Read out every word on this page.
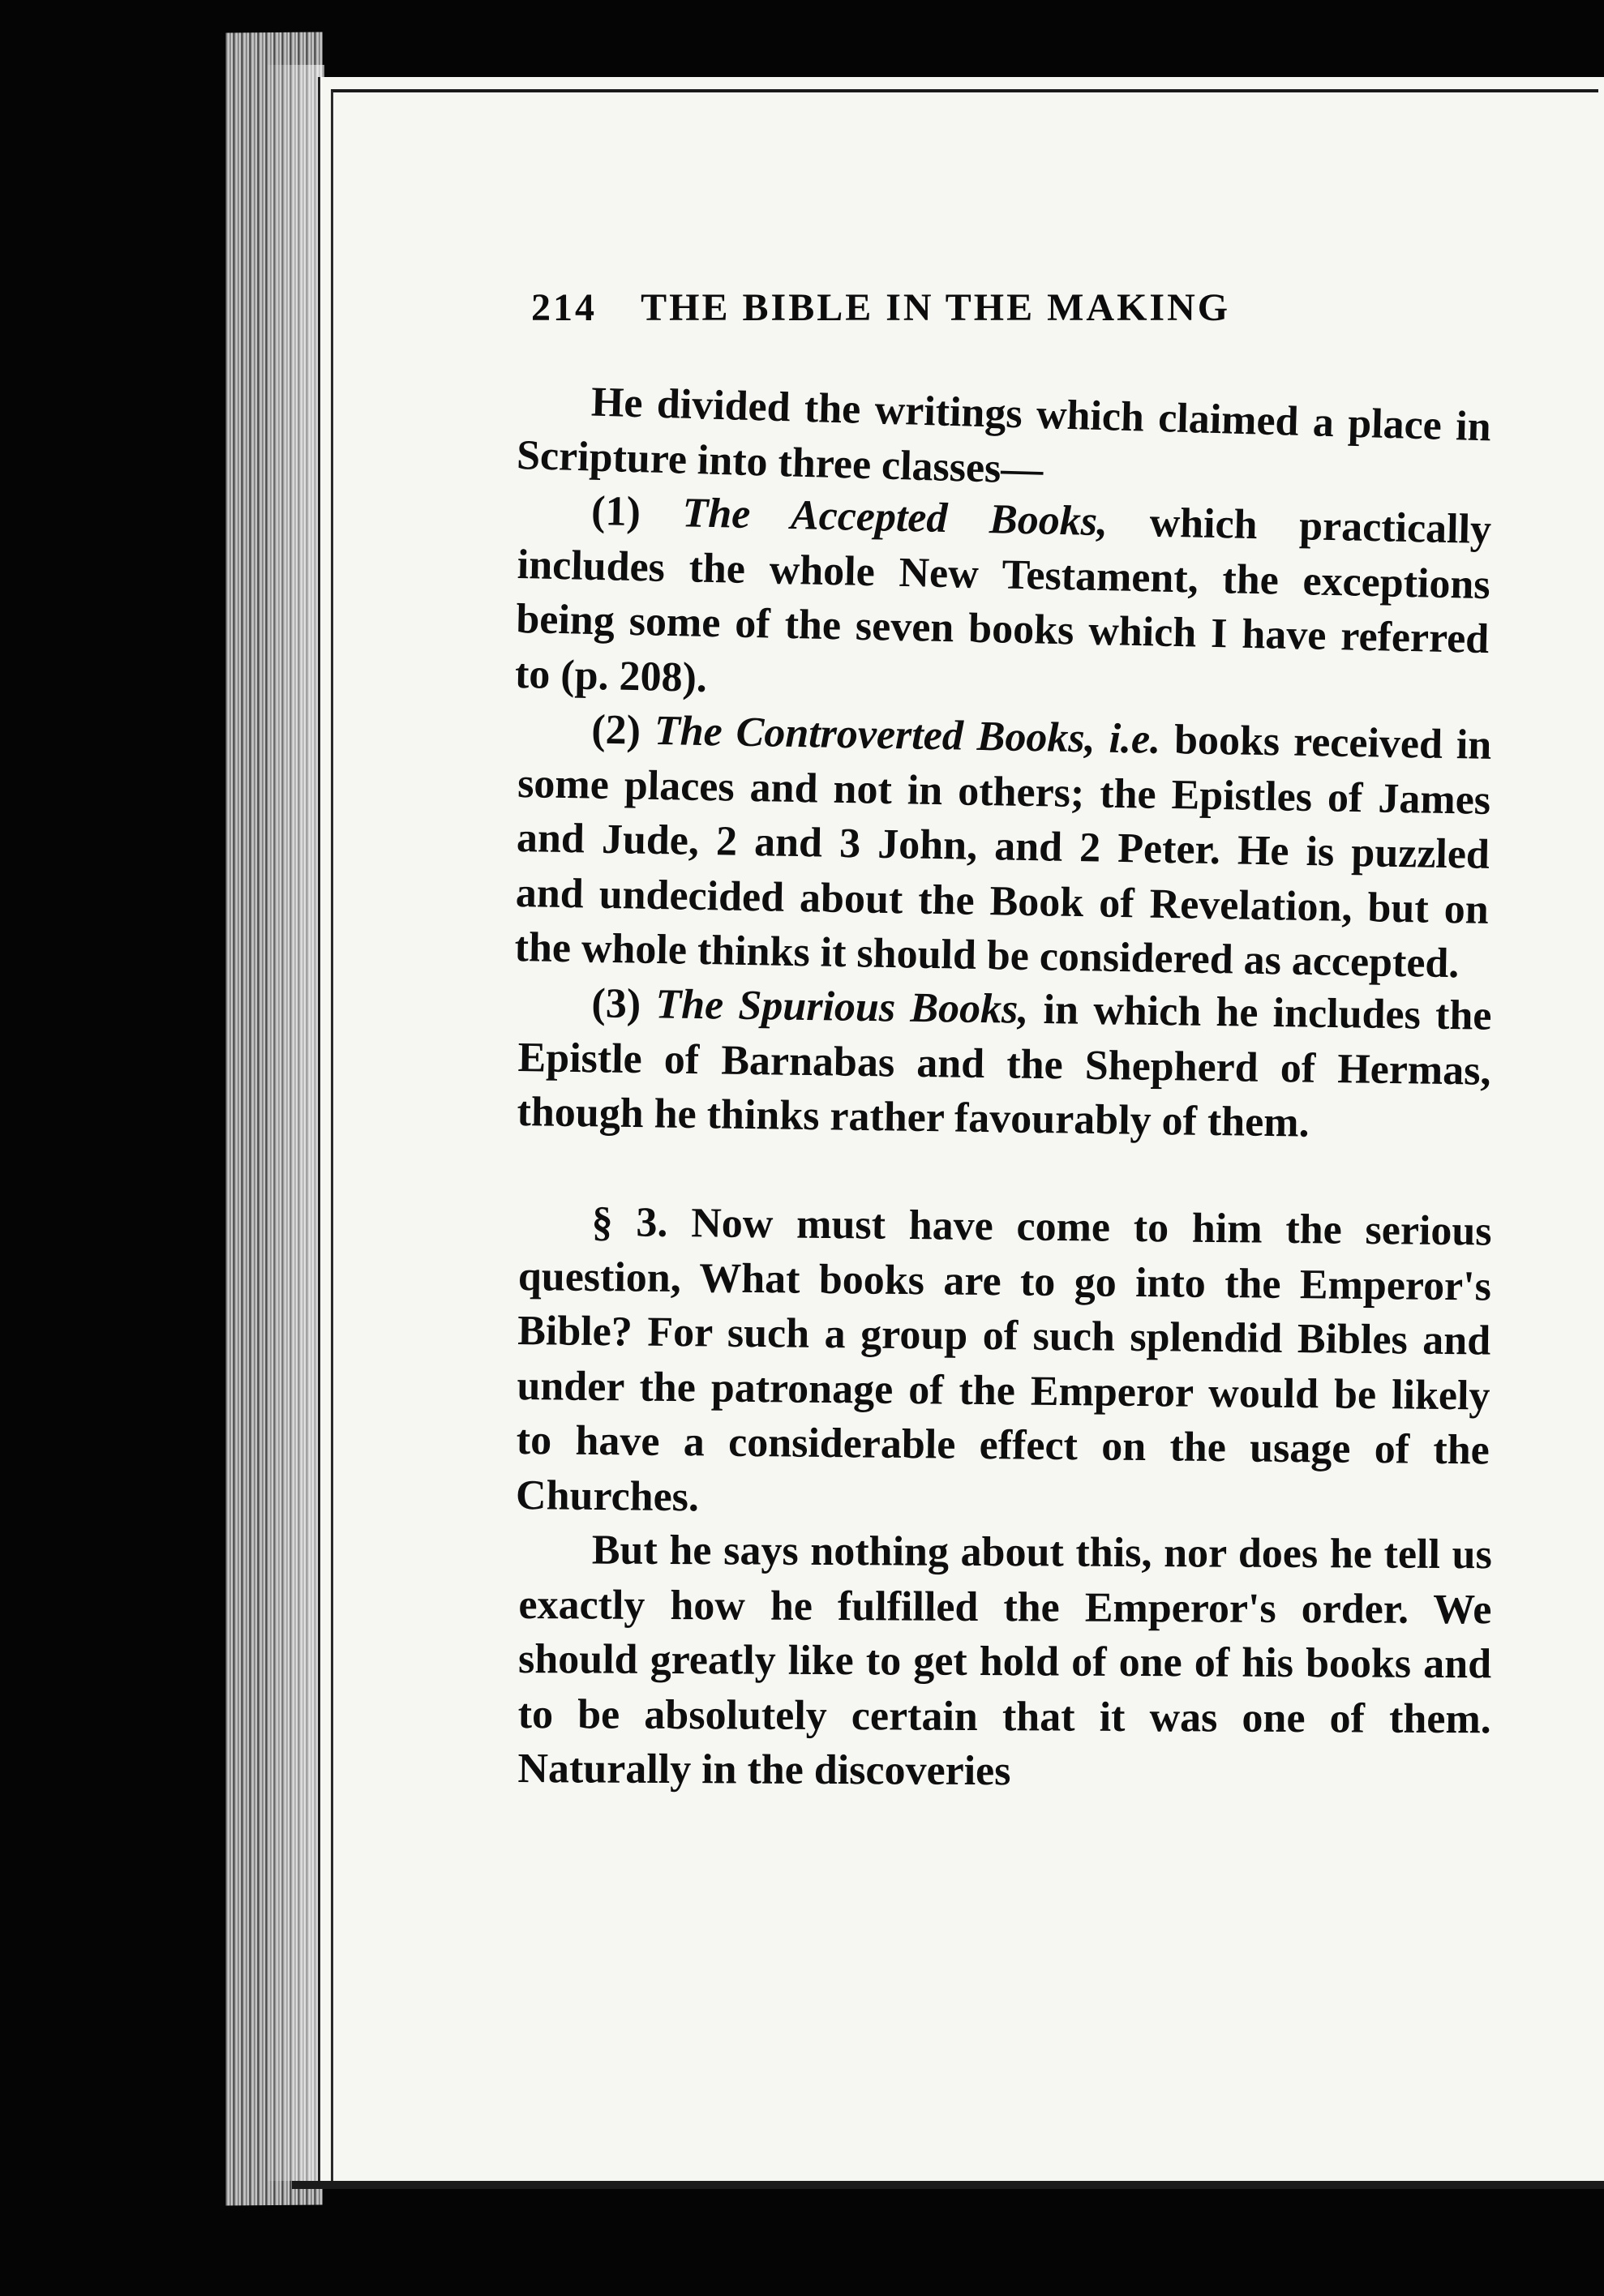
214 THE BIBLE IN THE MAKING

He divided the writings which claimed a place in Scripture into three classes—

(1) The Accepted Books, which practically includes the whole New Testament, the exceptions being some of the seven books which I have referred to (p. 208).

(2) The Controverted Books, i.e. books received in some places and not in others; the Epistles of James and Jude, 2 and 3 John, and 2 Peter. He is puzzled and undecided about the Book of Revelation, but on the whole thinks it should be considered as accepted.

(3) The Spurious Books, in which he includes the Epistle of Barnabas and the Shepherd of Hermas, though he thinks rather favourably of them.

§ 3. Now must have come to him the serious question, What books are to go into the Emperor's Bible? For such a group of such splendid Bibles and under the patronage of the Emperor would be likely to have a considerable effect on the usage of the Churches.

But he says nothing about this, nor does he tell us exactly how he fulfilled the Emperor's order. We should greatly like to get hold of one of his books and to be absolutely certain that it was one of them. Naturally in the discoveries
